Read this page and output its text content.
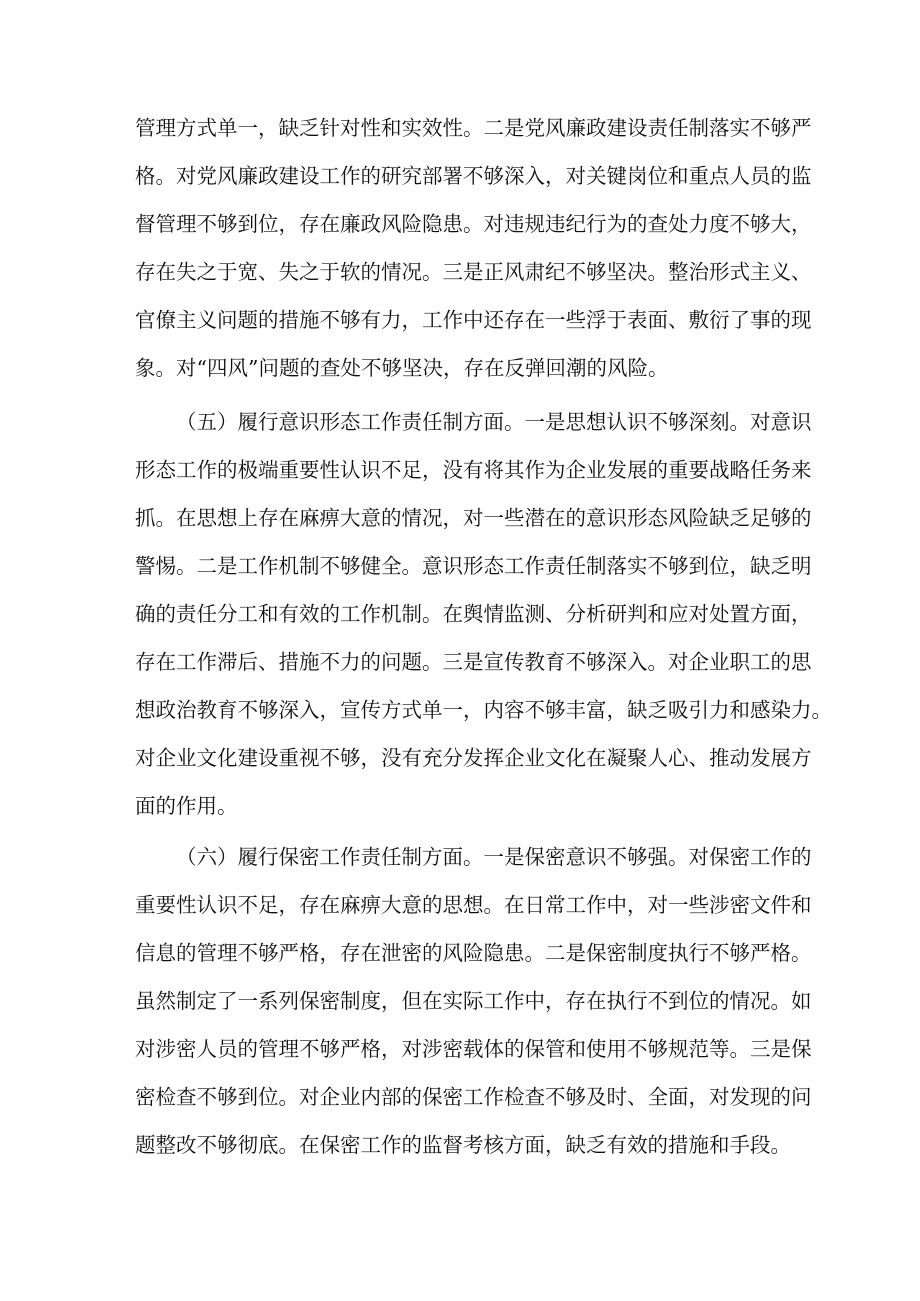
管理方式单一，缺乏针对性和实效性。二是党风廉政建设责任制落实不够严
格。对党风廉政建设工作的研究部署不够深入，对关键岗位和重点人员的监
督管理不够到位，存在廉政风险隐患。对违规违纪行为的查处力度不够大，
存在失之于宽、失之于软的情况。三是正风肃纪不够坚决。整治形式主义、
官僚主义问题的措施不够有力，工作中还存在一些浮于表面、敷衍了事的现
象。对“四风”问题的查处不够坚决，存在反弹回潮的风险。
（五）履行意识形态工作责任制方面。一是思想认识不够深刻。对意识
形态工作的极端重要性认识不足，没有将其作为企业发展的重要战略任务来
抓。在思想上存在麻痹大意的情况，对一些潜在的意识形态风险缺乏足够的
警惕。二是工作机制不够健全。意识形态工作责任制落实不够到位，缺乏明
确的责任分工和有效的工作机制。在舆情监测、分析研判和应对处置方面，
存在工作滞后、措施不力的问题。三是宣传教育不够深入。对企业职工的思
想政治教育不够深入，宣传方式单一，内容不够丰富，缺乏吸引力和感染力。
对企业文化建设重视不够，没有充分发挥企业文化在凝聚人心、推动发展方
面的作用。
（六）履行保密工作责任制方面。一是保密意识不够强。对保密工作的
重要性认识不足，存在麻痹大意的思想。在日常工作中，对一些涉密文件和
信息的管理不够严格，存在泄密的风险隐患。二是保密制度执行不够严格。
虽然制定了一系列保密制度，但在实际工作中，存在执行不到位的情况。如
对涉密人员的管理不够严格，对涉密载体的保管和使用不够规范等。三是保
密检查不够到位。对企业内部的保密工作检查不够及时、全面，对发现的问
题整改不够彻底。在保密工作的监督考核方面，缺乏有效的措施和手段。
